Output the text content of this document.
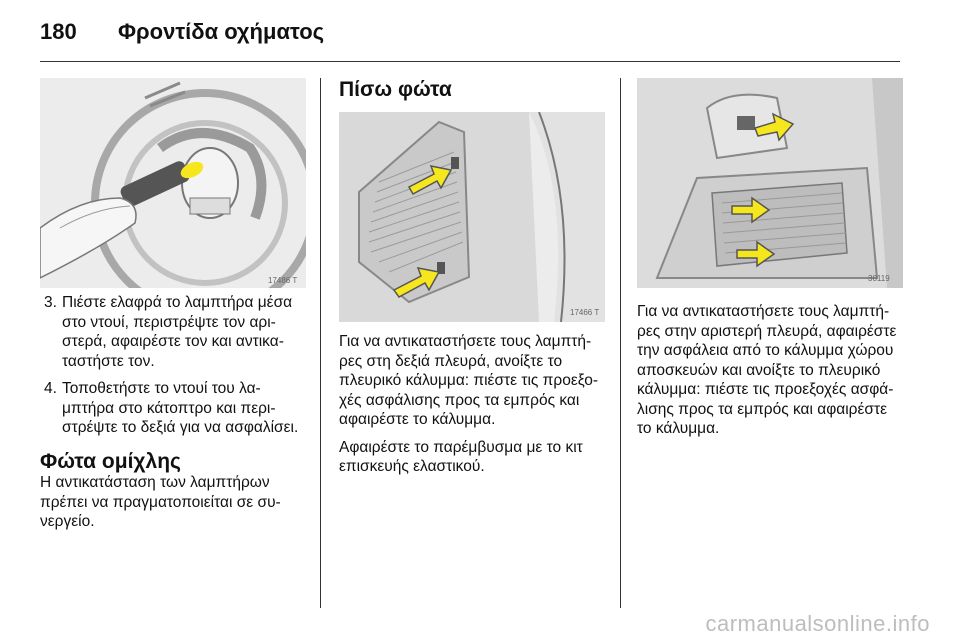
180 Φροντίδα οχήματος
17486 T
3. Πιέστε ελαφρά το λαμπτήρα μέσα στο ντουί, περιστρέψτε τον αρι-στερά, αφαιρέστε τον και αντικα-ταστήστε τον.
4. Τοποθετήστε το ντουί του λα-μπτήρα στο κάτοπτρο και περι-στρέψτε το δεξιά για να ασφαλίσει.
Φώτα ομίχλης
Η αντικατάσταση των λαμπτήρων πρέπει να πραγματοποιείται σε συ-νεργείο.
Πίσω φώτα
17466 T

Για να αντικαταστήσετε τους λαμπτή-ρες στη δεξιά πλευρά, ανοίξτε το πλευρικό κάλυμμα: πιέστε τις προεξο-χές ασφάλισης προς τα εμπρός και αφαιρέστε το κάλυμμα.

Αφαιρέστε το παρέμβυσμα με το κιτ επισκευής ελαστικού.

30119
Για να αντικαταστήσετε τους λαμπτή-ρες στην αριστερή πλευρά, αφαιρέστε την ασφάλεια από το κάλυμμα χώρου αποσκευών και ανοίξτε το πλευρικό κάλυμμα: πιέστε τις προεξοχές ασφά-λισης προς τα εμπρός και αφαιρέστε το κάλυμμα.
carmanualsonline.info
